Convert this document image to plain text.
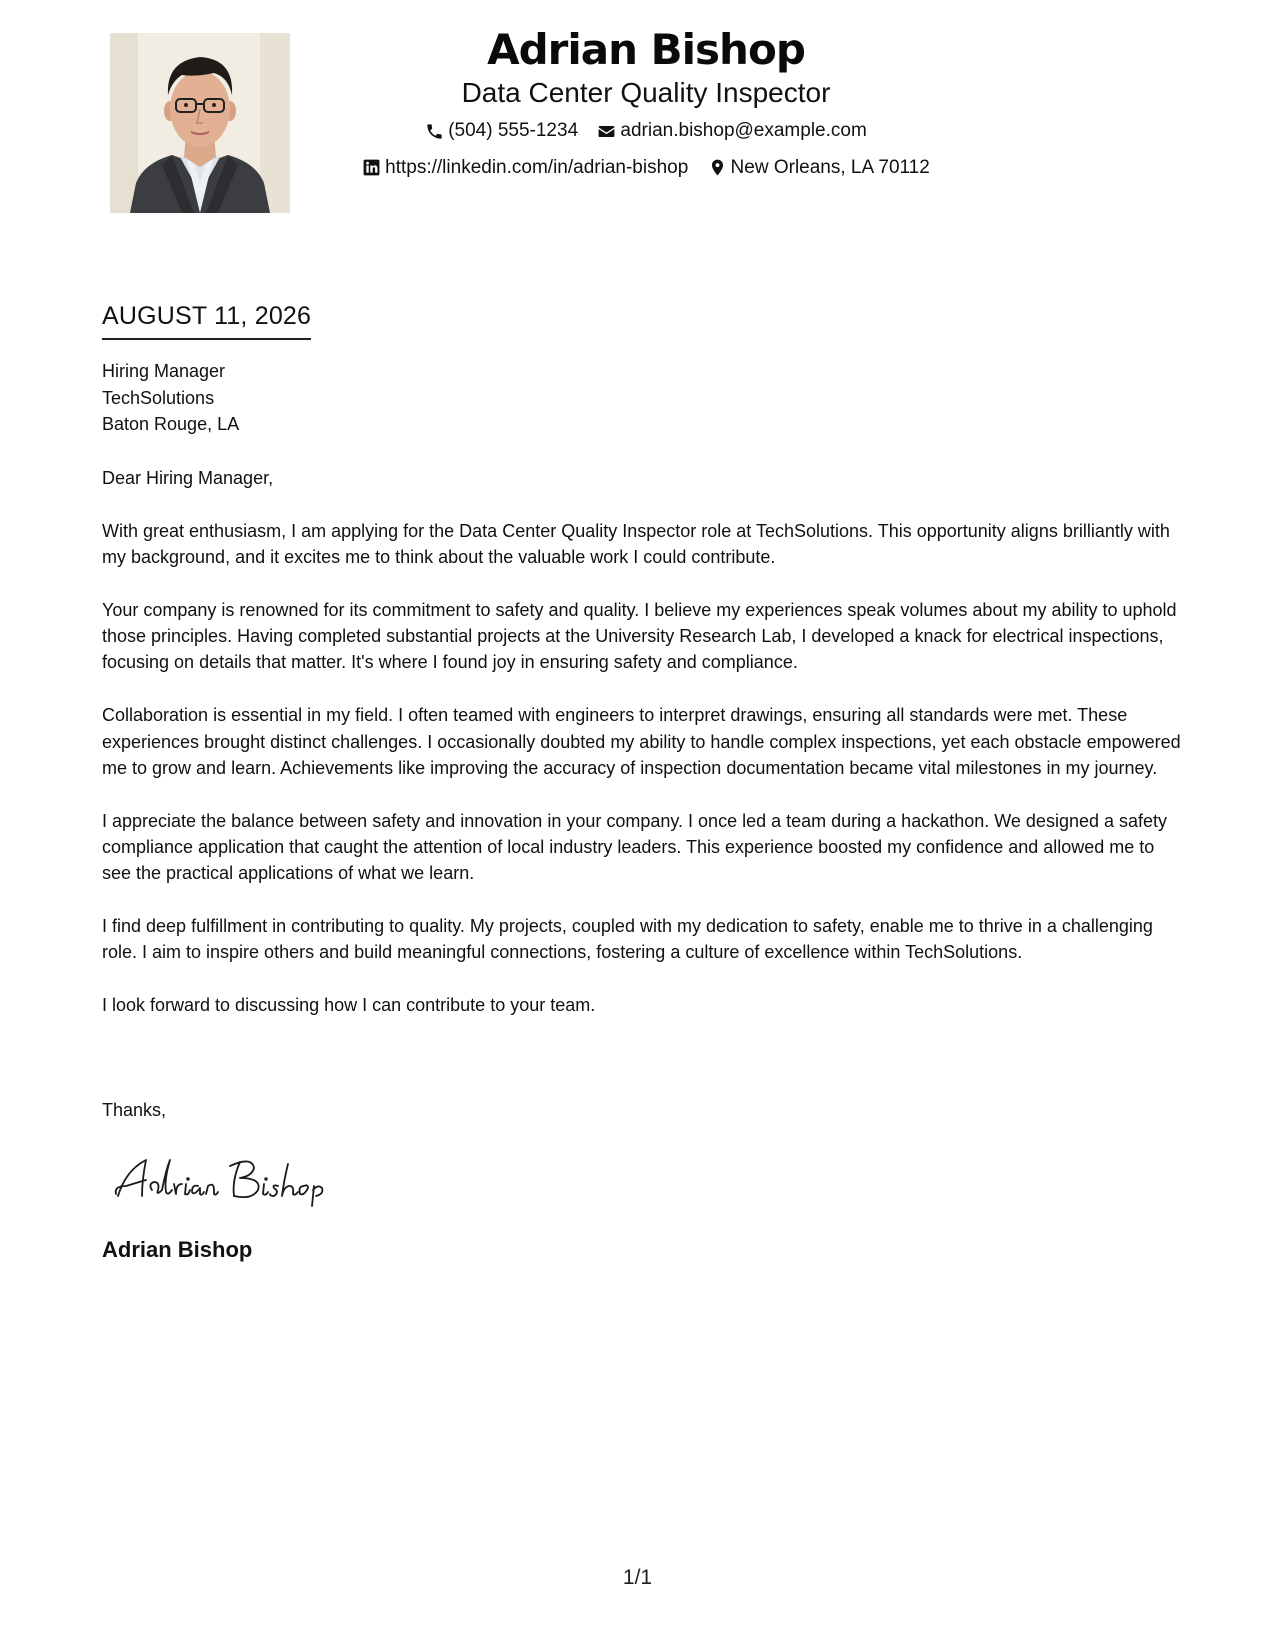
Adrian Bishop
Data Center Quality Inspector
(504) 555-1234
adrian.bishop@example.com
https://linkedin.com/in/adrian-bishop
New Orleans, LA 70112
AUGUST 11, 2026
Hiring Manager
TechSolutions
Baton Rouge, LA

Dear Hiring Manager,

With great enthusiasm, I am applying for the Data Center Quality Inspector role at TechSolutions. This opportunity aligns brilliantly with my background, and it excites me to think about the valuable work I could contribute.

Your company is renowned for its commitment to safety and quality. I believe my experiences speak volumes about my ability to uphold those principles. Having completed substantial projects at the University Research Lab, I developed a knack for electrical inspections, focusing on details that matter. It's where I found joy in ensuring safety and compliance.

Collaboration is essential in my field. I often teamed with engineers to interpret drawings, ensuring all standards were met. These experiences brought distinct challenges. I occasionally doubted my ability to handle complex inspections, yet each obstacle empowered me to grow and learn. Achievements like improving the accuracy of inspection documentation became vital milestones in my journey.

I appreciate the balance between safety and innovation in your company. I once led a team during a hackathon. We designed a safety compliance application that caught the attention of local industry leaders. This experience boosted my confidence and allowed me to see the practical applications of what we learn.

I find deep fulfillment in contributing to quality. My projects, coupled with my dedication to safety, enable me to thrive in a challenging role. I aim to inspire others and build meaningful connections, fostering a culture of excellence within TechSolutions.

I look forward to discussing how I can contribute to your team.

Thanks,
Adrian Bishop
1/1
